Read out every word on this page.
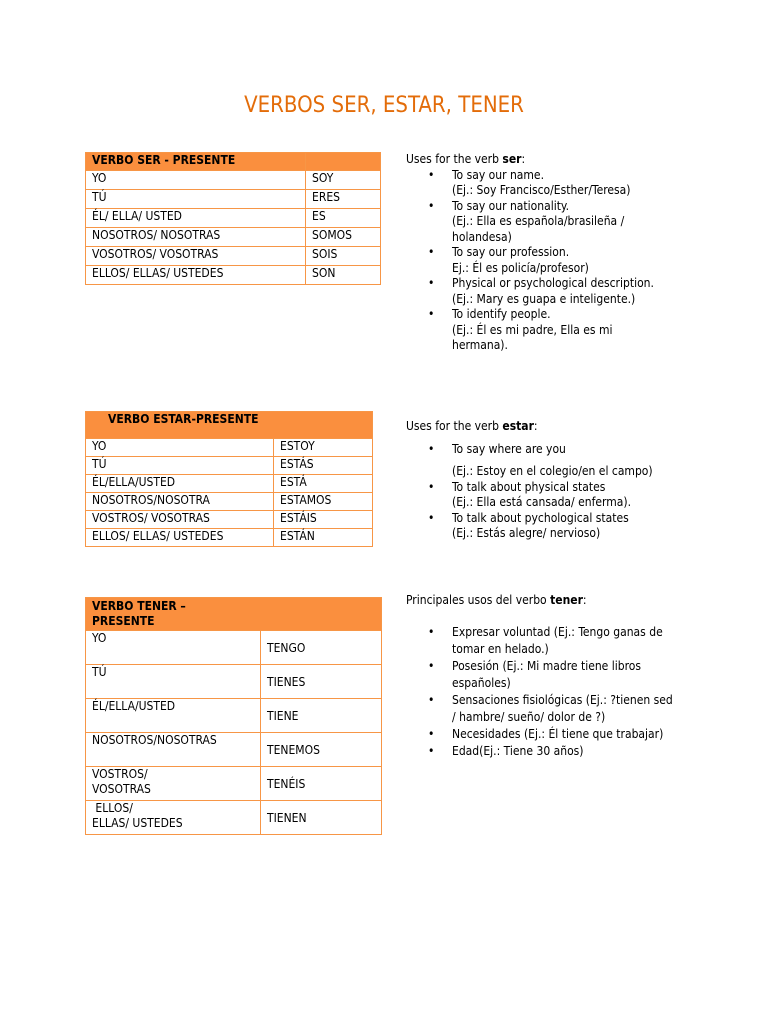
VERBOS SER, ESTAR, TENER
VERBO SER - PRESENTE	
YO	SOY
TÚ	ERES
ÉL/ ELLA/ USTED	ES
NOSOTROS/ NOSOTRAS	SOMOS
VOSOTROS/ VOSOTRAS	SOIS
ELLOS/ ELLAS/ USTEDES	SON

Uses for the verb ser:

• To say our name.
(Ej.: Soy Francisco/Esther/Teresa)
• To say our nationality.
(Ej.: Ella es española/brasileña / holandesa)
• To say our profession.
Ej.: Él es policía/profesor)
• Physical or psychological description.
(Ej.: Mary es guapa e inteligente.)
• To identify people.
(Ej.: Él es mi padre, Ella es mi hermana).
VERBO ESTAR-PRESENTE	
YO	ESTOY
TÚ	ESTÁS
ÉL/ELLA/USTED	ESTÁ
NOSOTROS/NOSOTRA	ESTAMOS
VOSTROS/ VOSOTRAS	ESTÁIS
ELLOS/ ELLAS/ USTEDES	ESTÁN

Uses for the verb estar:

• To say where are you
(Ej.: Estoy en el colegio/en el campo)
• To talk about physical states
(Ej.: Ella está cansada/ enferma).
• To talk about pychological states
(Ej.: Estás alegre/ nervioso)
VERBO TENER –
PRESENTE	
YO	TENGO
TÚ	TIENES
ÉL/ELLA/USTED	TIENE
NOSOTROS/NOSOTRAS	TENEMOS
VOSTROS/
VOSOTRAS	TENÉIS
ELLOS/
ELLAS/ USTEDES	TIENEN

Principales usos del verbo tener:

• Expresar voluntad (Ej.: Tengo ganas de
tomar en helado.)
• Posesión (Ej.: Mi madre tiene libros
españoles)
• Sensaciones fisiológicas (Ej.: ?tienen sed
/ hambre/ sueño/ dolor de ?)
• Necesidades (Ej.: Él tiene que trabajar)
• Edad(Ej.: Tiene 30 años)
